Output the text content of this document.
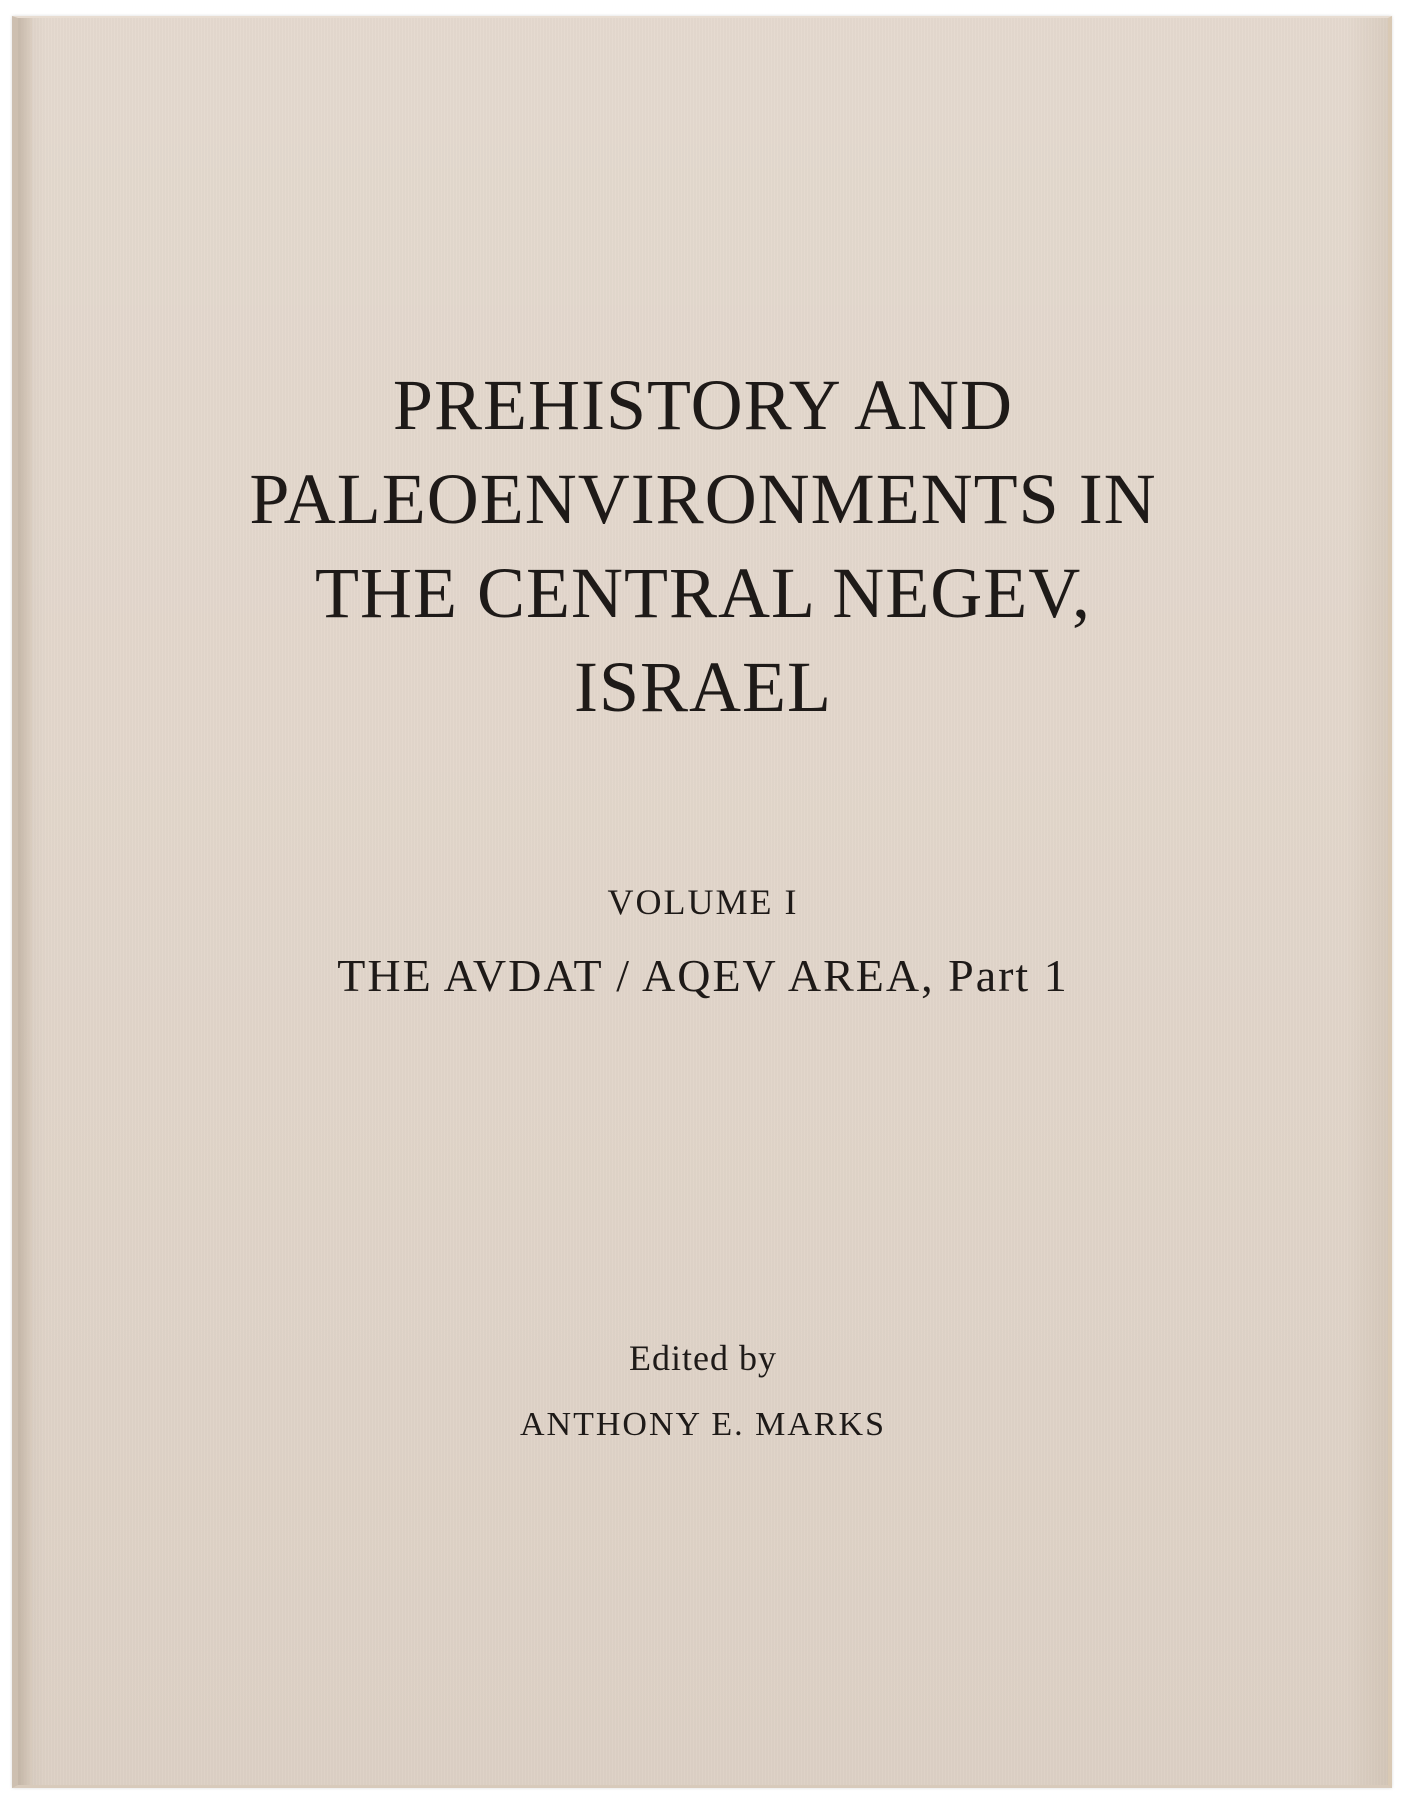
PREHISTORY AND
PALEOENVIRONMENTS IN
THE CENTRAL NEGEV,
ISRAEL
VOLUME I
THE AVDAT / AQEV AREA, Part 1
Edited by
ANTHONY E. MARKS
